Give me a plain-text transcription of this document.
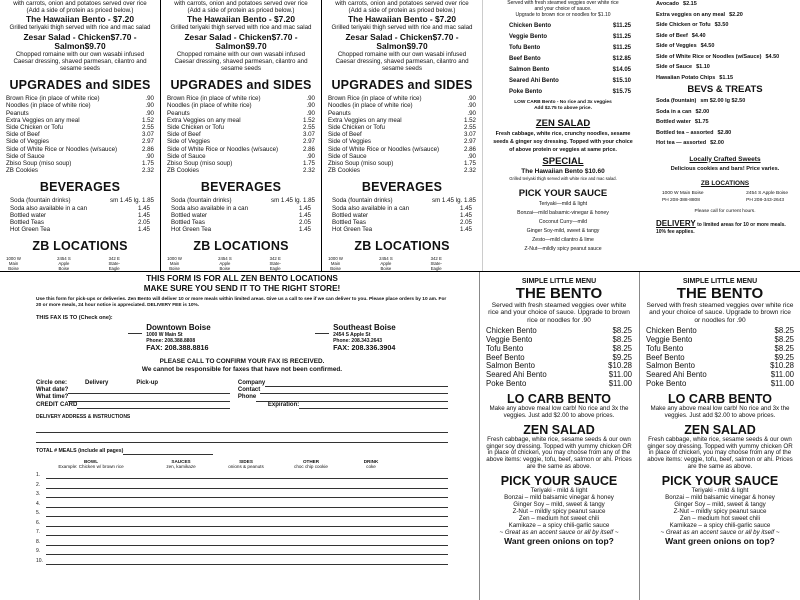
with carrots, onion and potatoes served over rice
(Add a side of protein as priced below.)
The Hawaiian Bento - $7.20
Grilled teriyaki thigh served with rice and mac salad
Zesar Salad - Chicken$7.70 - Salmon$9.70
Chopped romaine with our own wasabi infused Caesar dressing, shaved parmesan, cilantro and sesame seeds
UPGRADES and SIDES
Brown Rice (in place of white rice)	.90
Noodles (in place of white rice)	.90
Peanuts	.90
Extra Veggies on any meal	1.52
Side Chicken or Tofu	2.55
Side of Beef	3.07
Side of Veggies	2.97
Side of White Rice or Noodles (w/sauce)	2.86
Side of Sauce	.90
Zbiso Soup (miso soup)	1.75
ZB Cookies	2.32
BEVERAGES
Soda (fountain drinks)	sm 1.45 lg. 1.85
Soda also available in a can	1.45
Bottled water	1.45
Bottled Teas	2.05
Hot Green Tea	1.45
ZB LOCATIONS
1000 W Main Boise
2454 S Apple Boise
342 E State-Eagle
with carrots, onion and potatoes served over rice
(Add a side of protein as priced below.)
The Hawaiian Bento - $7.20
Grilled teriyaki thigh served with rice and mac salad
Zesar Salad - Chicken$7.70 - Salmon$9.70
Chopped romaine with our own wasabi infused Caesar dressing, shaved parmesan, cilantro and sesame seeds
UPGRADES and SIDES
Brown Rice (in place of white rice)	.90
Noodles (in place of white rice)	.90
Peanuts	.90
Extra Veggies on any meal	1.52
Side Chicken or Tofu	2.55
Side of Beef	3.07
Side of Veggies	2.97
Side of White Rice or Noodles (w/sauce)	2.86
Side of Sauce	.90
Zbiso Soup (miso soup)	1.75
ZB Cookies	2.32
BEVERAGES
Soda (fountain drinks)	sm 1.45 lg. 1.85
Soda also available in a can	1.45
Bottled water	1.45
Bottled Teas	2.05
Hot Green Tea	1.45
ZB LOCATIONS
1000 W Main Boise
2454 S Apple Boise
342 E State-Eagle
with carrots, onion and potatoes served over rice
(Add a side of protein as priced below.)
The Hawaiian Bento - $7.20
Grilled teriyaki thigh served with rice and mac salad
Zesar Salad - Chicken$7.70 - Salmon$9.70
Chopped romaine with our own wasabi infused Caesar dressing, shaved parmesan, cilantro and sesame seeds
UPGRADES and SIDES
Brown Rice (in place of white rice)	.90
Noodles (in place of white rice)	.90
Peanuts	.90
Extra Veggies on any meal	1.52
Side Chicken or Tofu	2.55
Side of Beef	3.07
Side of Veggies	2.97
Side of White Rice or Noodles (w/sauce)	2.86
Side of Sauce	.90
Zbiso Soup (miso soup)	1.75
ZB Cookies	2.32
BEVERAGES
Soda (fountain drinks)	sm 1.45 lg. 1.85
Soda also available in a can	1.45
Bottled water	1.45
Bottled Teas	2.05
Hot Green Tea	1.45
ZB LOCATIONS
1000 W Main Boise
2454 S Apple Boise
342 E State-Eagle
Served with fresh steamed veggies over white rice
and your choice of sauce.
Upgrade to brown rice or noodles for $1.10
Chicken Bento	$11.25
Veggie Bento	$11.25
Tofu Bento	$11.25
Beef Bento	$12.85
Salmon Bento	$14.05
Seared Ahi Bento	$15.10
Poke Bento	$15.75
LOW CARB Bento - No rice and 3x veggies
Add $2.75 to above price.
ZEN SALAD
Fresh cabbage, white rice, crunchy noodles, sesame seeds & ginger soy dressing. Topped with your choice of above protein or veggies at same price.
SPECIAL
The Hawaiian Bento $10.60
Grilled teriyaki thigh served with white rice and mac salad.
PICK YOUR SAUCE
Teriyaki—mild & light
Bonzai—mild balsamic-vinegar & honey
Coconut Curry—mild
Ginger Soy-mild, sweet & tangy
Zesto—mild cilantro & lime
Z-Nut—mildly spicy peanut sauce
Avocado $2.15
Extra veggies on any meal $2.20
Side Chicken or Tofu $3.50
Side of Beef $4.40
Side of Veggies $4.50
Side of White Rice or Noodles (w/Sauce) $4.50
Side of Sauce $1.10
Hawaiian Potato Chips $1.15
BEVS & TREATS
Soda (fountain) sm $2.00 lg $2.50
Soda in a can $2.00
Bottled water $1.75
Bottled tea – assorted $2.80
Hot tea — assorted $2.00
Locally Crafted Sweets
Delicious cookies and bars! Price varies.
ZB LOCATIONS
1000 W Main Boise
PH 208-388-8808
2454 S Apple Boise
PH 208-343-2643
Please call for current hours.
DELIVERY to limited areas for 10 or more meals. 10% fee applies.
THIS FORM IS FOR ALL ZEN BENTO LOCATIONS
MAKE SURE YOU SEND IT TO THE RIGHT STORE!
Use this form for pick-ups or deliveries. Zen Bento will deliver 10 or more meals within limited areas. Give us a call to see if we can deliver to you. Please place orders by 10 am. For 20 or more meals, 24 hour notice is appreciated. DELIVERY FEE is 10%.
THIS FAX IS TO (Check one):
Downtown Boise
1000 W Main St
Phone: 208.388.8808
FAX: 208.388.8816
Southeast Boise
2454 S Apple St
Phone: 208.343.2643
FAX: 208.336.3904
PLEASE CALL TO CONFIRM YOUR FAX IS RECEIVED.
We cannot be responsible for faxes that have not been confirmed.
Circle one:	Delivery	Pick-up
What date?
What time?
CREDIT CARD
Company
Contact
Phone
Expiration:
DELIVERY ADDRESS & INSTRUCTIONS
TOTAL # MEALS (include all pages)
BOWL
Example: Chicken w/ brown rice
SAUCES
zen, kamikaze
SIDES
onions & peanuts
OTHER
choc chip cookie
DRINK
coke
1.
2.
3.
4.
5.
6.
7.
8.
9.
10.
SIMPLE LITTLE MENU
THE BENTO
Served with fresh steamed veggies over white rice and your choice of sauce. Upgrade to brown rice or noodles for .90
Chicken Bento	$8.25
Veggie Bento	$8.25
Tofu Bento	$8.25
Beef Bento	$9.25
Salmon Bento	$10.28
Seared Ahi Bento	$11.00
Poke Bento	$11.00
LO CARB BENTO
Make any above meal low carb! No rice and 3x the veggies. Just add $2.00 to above prices.
ZEN SALAD
Fresh cabbage, white rice, sesame seeds & our own ginger soy dressing. Topped with yummy chicken OR in place of chicken, you may choose from any of the above items: veggie, tofu, beef, salmon or ahi. Prices are the same as above.
PICK YOUR SAUCE
Teriyaki - mild & light
Bonzai – mild balsamic vinegar & honey
Ginger Soy – mild, sweet & tangy
Z-Nut – mildly spicy peanut sauce
Zen – medium hot sweet chili
Kamikaze – a spicy chili-garlic sauce
~ Great as an accent sauce or all by itself ~
Want green onions on top?
SIMPLE LITTLE MENU
THE BENTO
Served with fresh steamed veggies over white rice and your choice of sauce. Upgrade to brown rice or noodles for .90
Chicken Bento	$8.25
Veggie Bento	$8.25
Tofu Bento	$8.25
Beef Bento	$9.25
Salmon Bento	$10.28
Seared Ahi Bento	$11.00
Poke Bento	$11.00
LO CARB BENTO
Make any above meal low carb! No rice and 3x the veggies. Just add $2.00 to above prices.
ZEN SALAD
Fresh cabbage, white rice, sesame seeds & our own ginger soy dressing. Topped with yummy chicken OR in place of chicken, you may choose from any of the above items: veggie, tofu, beef, salmon or ahi. Prices are the same as above.
PICK YOUR SAUCE
Teriyaki - mild & light
Bonzai – mild balsamic vinegar & honey
Ginger Soy – mild, sweet & tangy
Z-Nut – mildly spicy peanut sauce
Zen – medium hot sweet chili
Kamikaze – a spicy chili-garlic sauce
~ Great as an accent sauce or all by itself ~
Want green onions on top?
